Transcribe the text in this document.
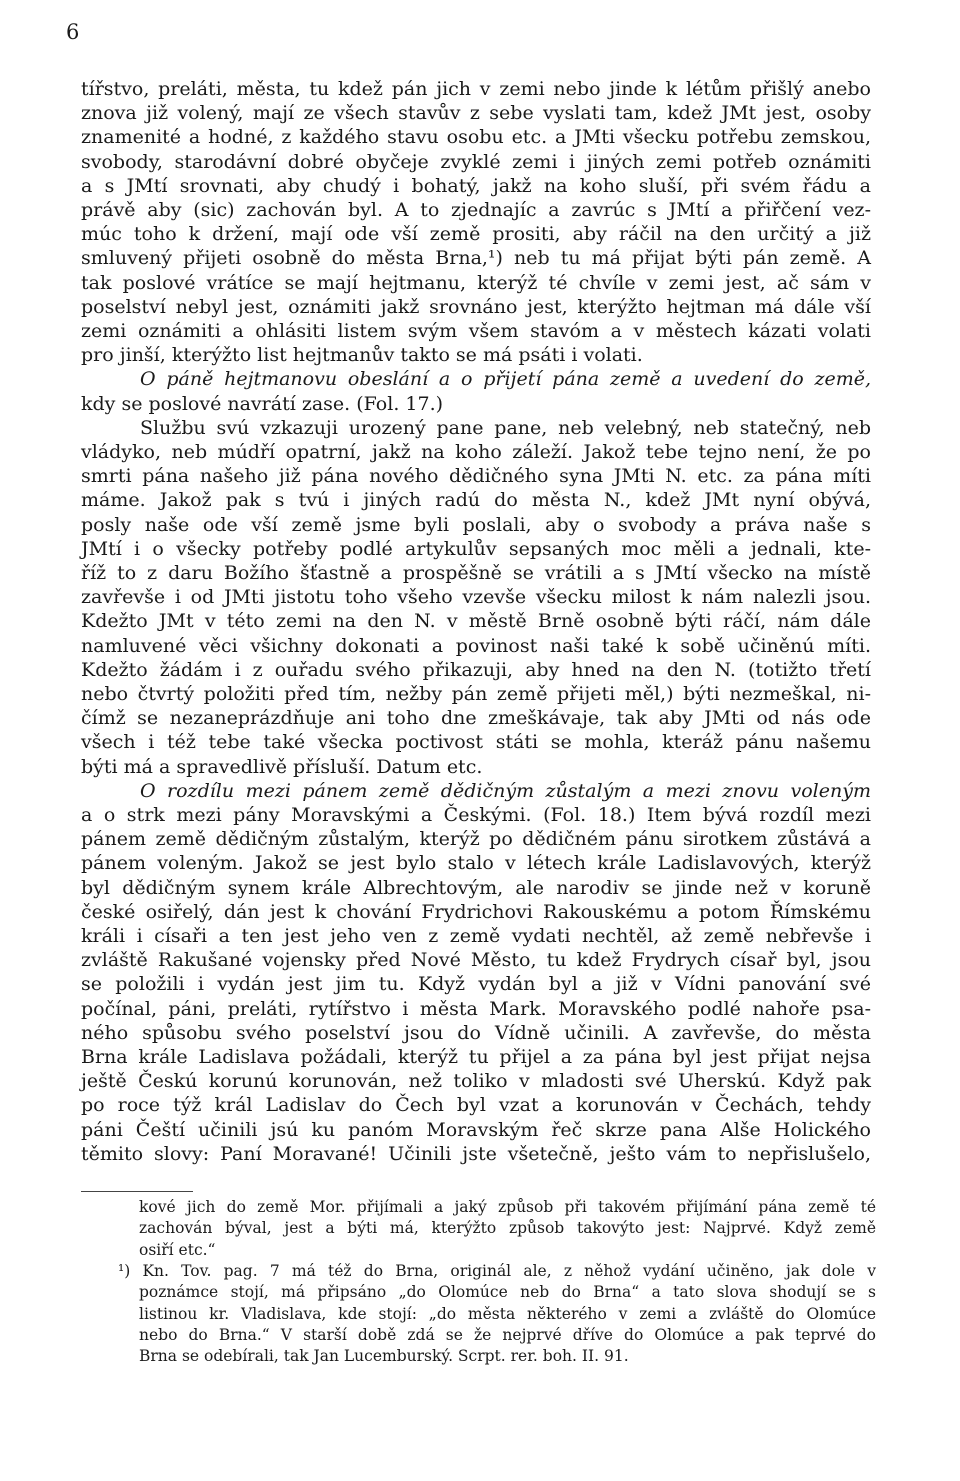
6
tířstvo, preláti, města, tu kdež pán jich v zemi nebo jinde k létům přišlý anebo
znova již volený, mají ze všech stavův z sebe vyslati tam, kdež JMt jest, osoby
znamenité a hodné, z každého stavu osobu etc. a JMti všecku potřebu zemskou,
svobody, starodávní dobré obyčeje zvyklé zemi i jiných zemi potřeb oznámiti
a s JMtí srovnati, aby chudý i bohatý, jakž na koho sluší, při svém řádu a
právě aby (sic) zachován byl. A to zjednajíc a zavrúc s JMtí a přiřčení vez-
múc toho k držení, mají ode vší země prositi, aby ráčil na den určitý a již
smluvený přijeti osobně do města Brna,¹) neb tu má přijat býti pán země. A
tak poslové vrátíce se mají hejtmanu, kterýž té chvíle v zemi jest, ač sám v
poselství nebyl jest, oznámiti jakž srovnáno jest, kterýžto hejtman má dále vší
zemi oznámiti a ohlásiti listem svým všem stavóm a v městech kázati volati
pro jinší, kterýžto list hejtmanův takto se má psáti i volati.
O páně hejtmanovu obeslání a o přijetí pána země a uvedení do země,
kdy se poslové navrátí zase. (Fol. 17.)
Službu svú vzkazuji urozený pane pane, neb velebný, neb statečný, neb
vládyko, neb múdří opatrní, jakž na koho záleží. Jakož tebe tejno není, že po
smrti pána našeho již pána nového dědičného syna JMti N. etc. za pána míti
máme. Jakož pak s tvú i jiných radú do města N., kdež JMt nyní obývá,
posly naše ode vší země jsme byli poslali, aby o svobody a práva naše s
JMtí i o všecky potřeby podlé artykulův sepsaných moc měli a jednali, kte-
říž to z daru Božího šťastně a prospěšně se vrátili a s JMtí všecko na místě
zavřevše i od JMti jistotu toho všeho vzevše všecku milost k nám nalezli jsou.
Kdežto JMt v této zemi na den N. v městě Brně osobně býti ráčí, nám dále
namluvené věci všichny dokonati a povinost naši také k sobě učiněnú míti.
Kdežto žádám i z ouřadu svého přikazuji, aby hned na den N. (totižto třetí
nebo čtvrtý položiti před tím, nežby pán země přijeti měl,) býti nezmeškal, ni-
čímž se nezaneprázdňuje ani toho dne zmeškávaje, tak aby JMti od nás ode
všech i též tebe také všecka poctivost státi se mohla, kteráž pánu našemu
býti má a spravedlivě přísluší. Datum etc.
O rozdílu mezi pánem země dědičným zůstalým a mezi znovu voleným
a o strk mezi pány Moravskými a Českými. (Fol. 18.) Item bývá rozdíl mezi
pánem země dědičným zůstalým, kterýž po dědičném pánu sirotkem zůstává a
pánem voleným. Jakož se jest bylo stalo v létech krále Ladislavových, kterýž
byl dědičným synem krále Albrechtovým, ale narodiv se jinde než v koruně
české osiřelý, dán jest k chování Frydrichovi Rakouskému a potom Římskému
králi i císaři a ten jest jeho ven z země vydati nechtěl, až země nebřevše i
zvláště Rakušané vojensky před Nové Město, tu kdež Frydrych císař byl, jsou
se položili i vydán jest jim tu. Když vydán byl a již v Vídni panování své
počínal, páni, preláti, rytířstvo i města Mark. Moravského podlé nahoře psa-
ného spůsobu svého poselství jsou do Vídně učinili. A zavřevše, do města
Brna krále Ladislava požádali, kterýž tu přijel a za pána byl jest přijat nejsa
ještě Českú korunú korunován, než toliko v mladosti své Uherskú. Když pak
po roce týž král Ladislav do Čech byl vzat a korunován v Čechách, tehdy
páni Čeští učinili jsú ku panóm Moravským řeč skrze pana Alše Holického
těmito slovy: Paní Moravané! Učinili jste všetečně, ješto vám to nepřislušelo,
kové jich do země Mor. přijímali a jaký způsob při takovém přijímání pána země té
zachován býval, jest a býti má, kterýžto způsob takovýto jest: Najprvé. Když země
osiří etc.“
¹) Kn. Tov. pag. 7 má též do Brna, originál ale, z něhož vydání učiněno, jak dole v
poznámce stojí, má připsáno „do Olomúce neb do Brna“ a tato slova shodují se s
listinou kr. Vladislava, kde stojí: „do města některého v zemi a zvláště do Olomúce
nebo do Brna.“ V starší době zdá se že nejprvé dříve do Olomúce a pak teprvé do
Brna se odebírali, tak Jan Lucemburský. Scrpt. rer. boh. II. 91.
